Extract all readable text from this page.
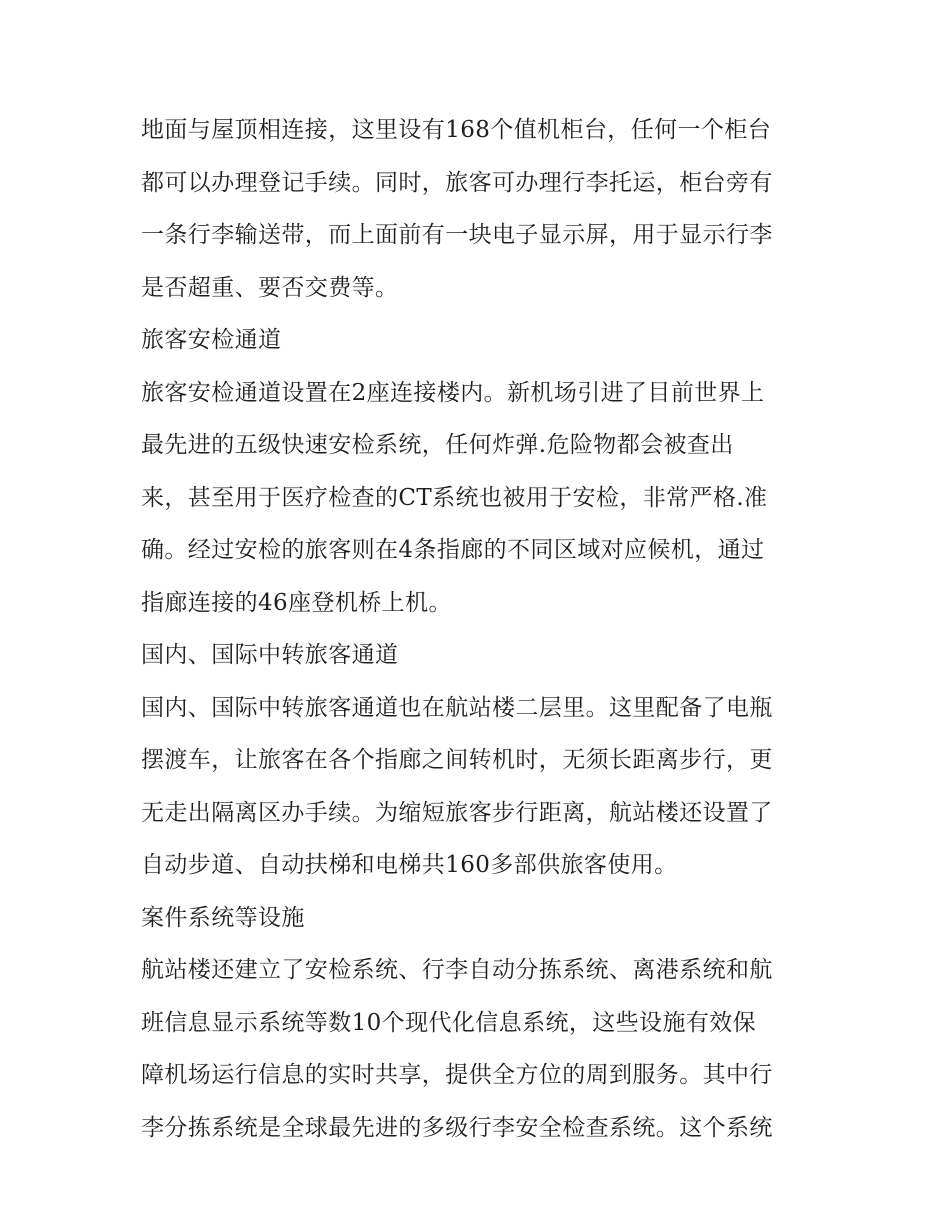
地面与屋顶相连接，这里设有168个值机柜台，任何一个柜台
都可以办理登记手续。同时，旅客可办理行李托运，柜台旁有
一条行李输送带，而上面前有一块电子显示屏，用于显示行李
是否超重、要否交费等。
旅客安检通道
旅客安检通道设置在2座连接楼内。新机场引进了目前世界上
最先进的五级快速安检系统，任何炸弹.危险物都会被查出
来，甚至用于医疗检查的CT系统也被用于安检，非常严格.准
确。经过安检的旅客则在4条指廊的不同区域对应候机，通过
指廊连接的46座登机桥上机。
国内、国际中转旅客通道
国内、国际中转旅客通道也在航站楼二层里。这里配备了电瓶
摆渡车，让旅客在各个指廊之间转机时，无须长距离步行，更
无走出隔离区办手续。为缩短旅客步行距离，航站楼还设置了
自动步道、自动扶梯和电梯共160多部供旅客使用。
案件系统等设施
航站楼还建立了安检系统、行李自动分拣系统、离港系统和航
班信息显示系统等数10个现代化信息系统，这些设施有效保
障机场运行信息的实时共享，提供全方位的周到服务。其中行
李分拣系统是全球最先进的多级行李安全检查系统。这个系统
